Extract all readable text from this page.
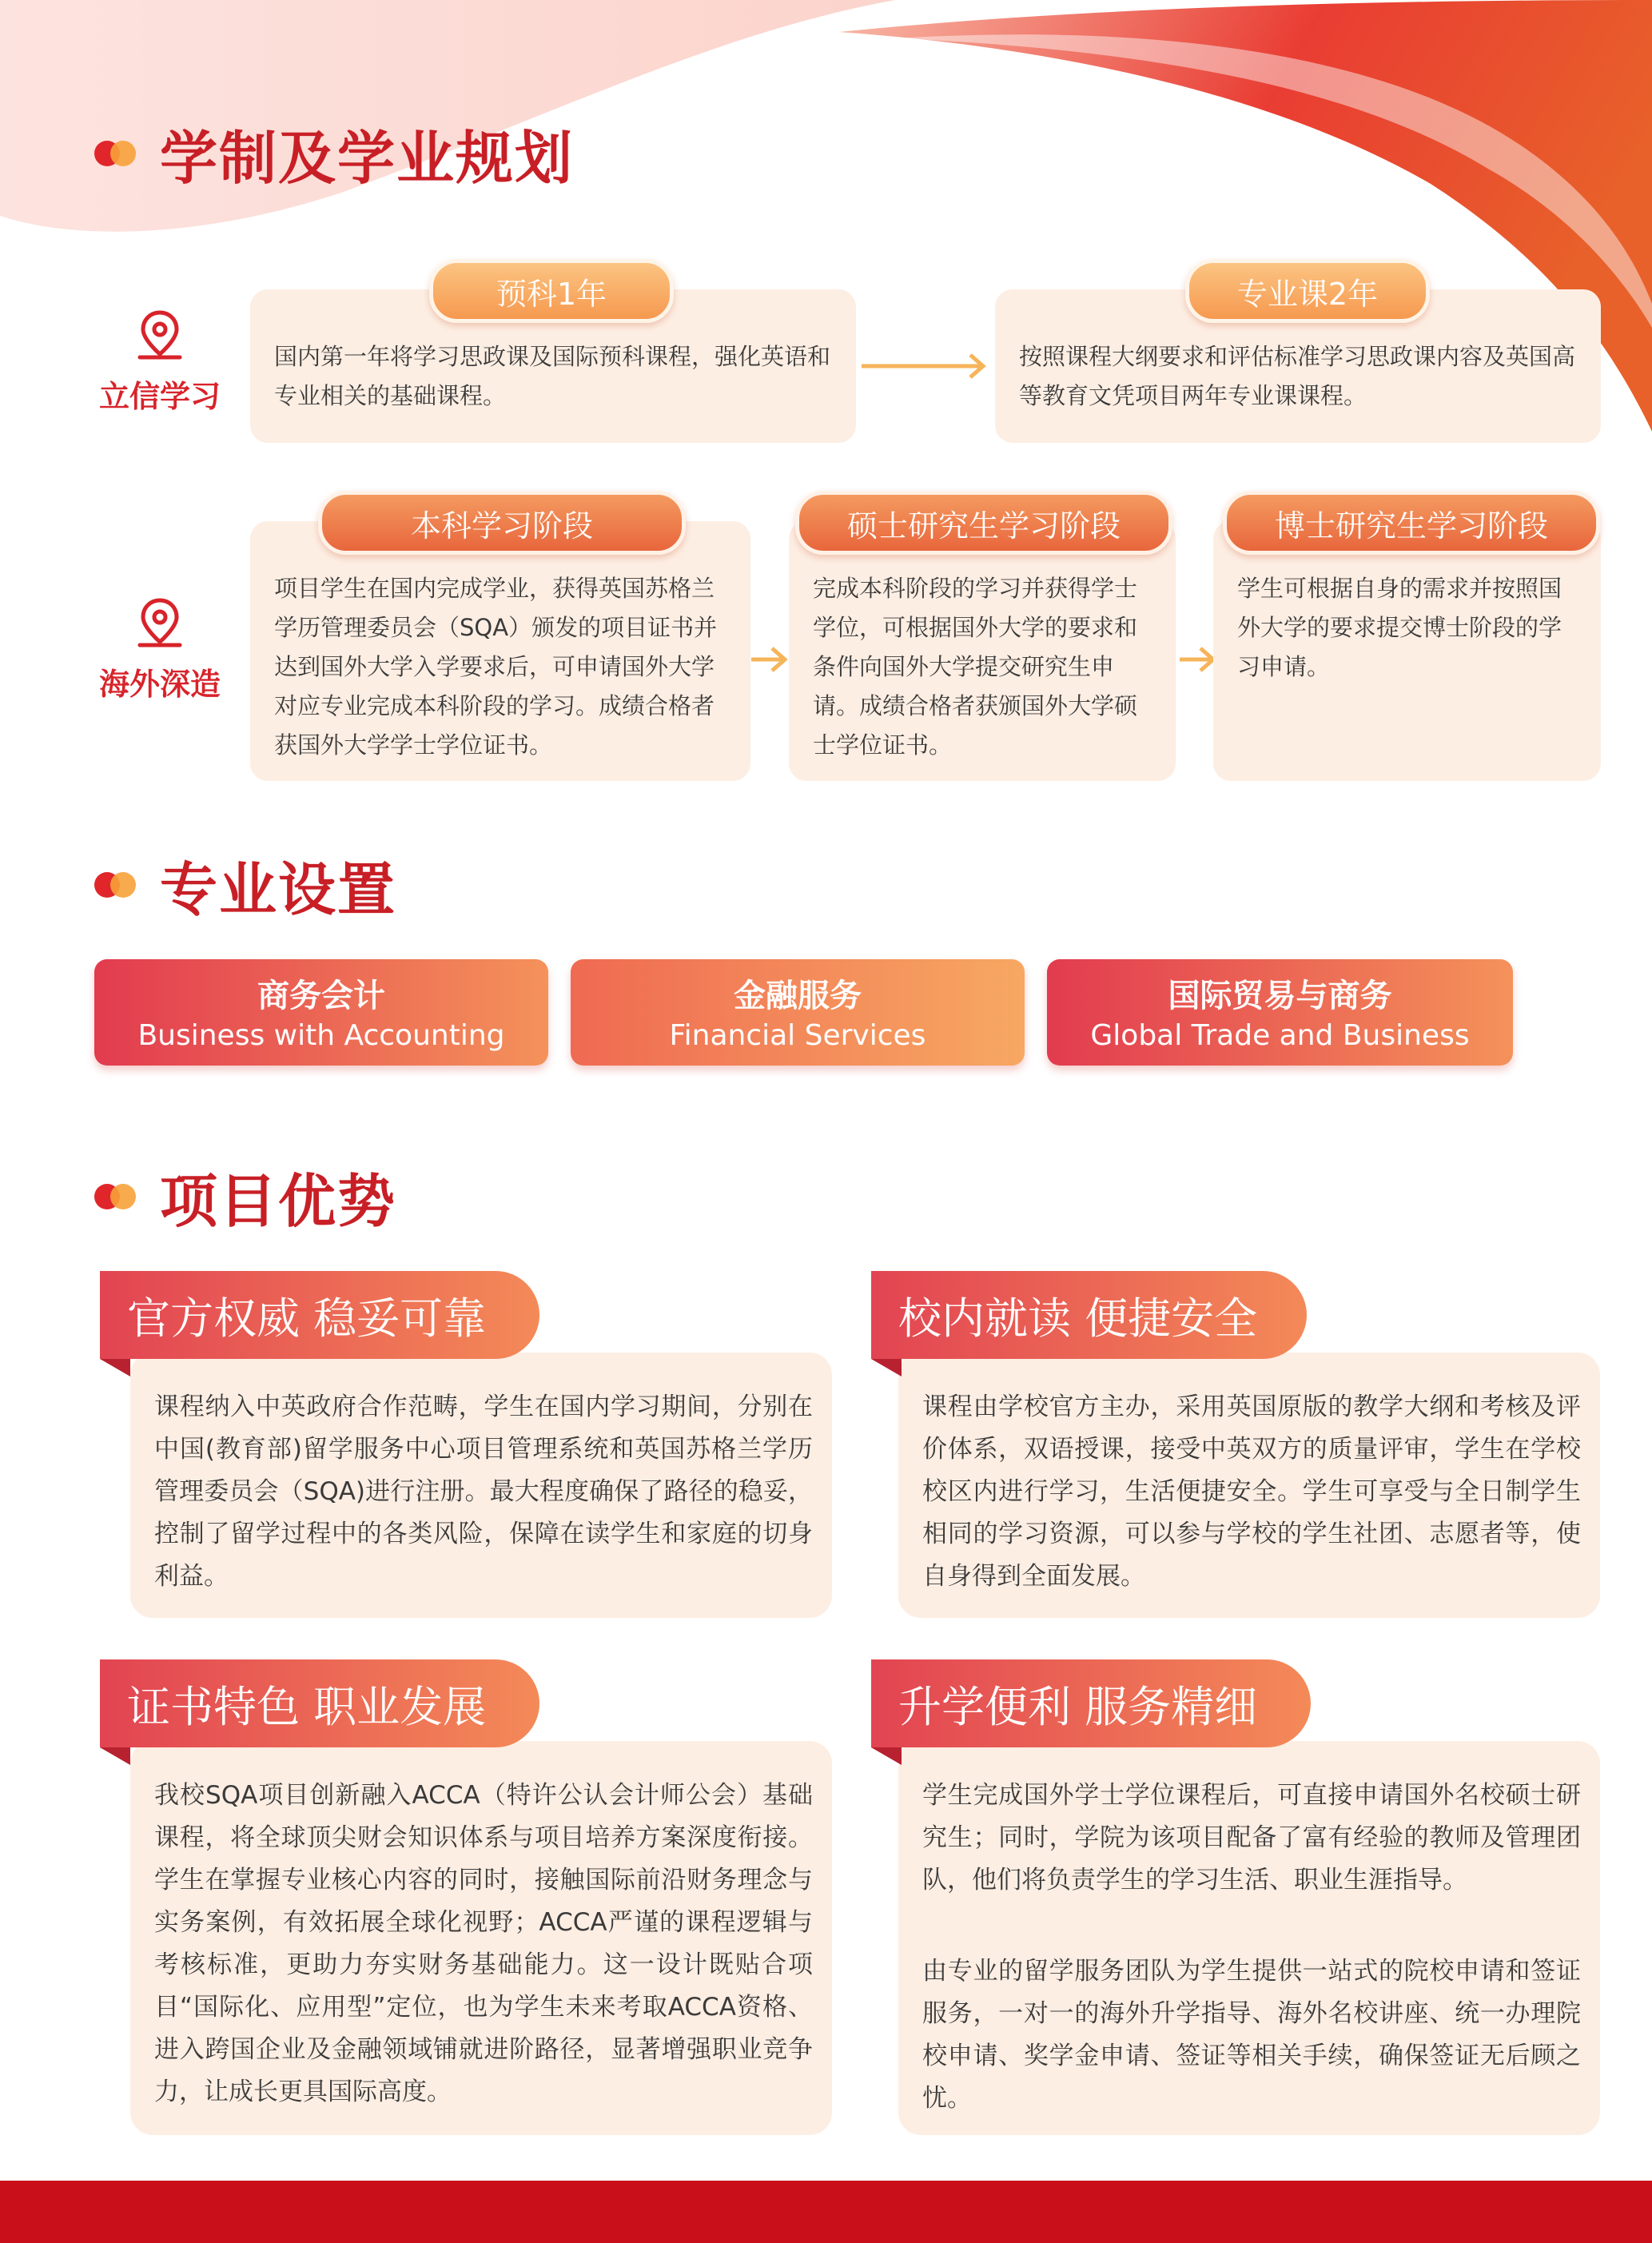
学制及学业规划
立信学习
国内第一年将学习思政课及国际预科课程，强化英语和专业相关的基础课程。
预科1年
按照课程大纲要求和评估标准学习思政课内容及英国高等教育文凭项目两年专业课课程。
专业课2年
海外深造
项目学生在国内完成学业，获得英国苏格兰学历管理委员会（SQA）颁发的项目证书并达到国外大学入学要求后，可申请国外大学对应专业完成本科阶段的学习。成绩合格者获国外大学学士学位证书。
本科学习阶段
完成本科阶段的学习并获得学士学位，可根据国外大学的要求和条件向国外大学提交研究生申请。成绩合格者获颁国外大学硕士学位证书。
硕士研究生学习阶段
学生可根据自身的需求并按照国外大学的要求提交博士阶段的学习申请。
博士研究生学习阶段
专业设置
商务会计
Business with Accounting
金融服务
Financial Services
国际贸易与商务
Global Trade and Business
项目优势
课程纳入中英政府合作范畴，学生在国内学习期间，分别在中国(教育部)留学服务中心项目管理系统和英国苏格兰学历管理委员会（SQA)进行注册。最大程度确保了路径的稳妥，控制了留学过程中的各类风险，保障在读学生和家庭的切身利益。
官方权威 稳妥可靠
课程由学校官方主办，采用英国原版的教学大纲和考核及评价体系，双语授课，接受中英双方的质量评审，学生在学校校区内进行学习，生活便捷安全。学生可享受与全日制学生相同的学习资源，可以参与学校的学生社团、志愿者等，使自身得到全面发展。
校内就读 便捷安全
我校SQA项目创新融入ACCA（特许公认会计师公会）基础课程，将全球顶尖财会知识体系与项目培养方案深度衔接。学生在掌握专业核心内容的同时，接触国际前沿财务理念与实务案例，有效拓展全球化视野；ACCA严谨的课程逻辑与考核标准，更助力夯实财务基础能力。这一设计既贴合项目“国际化、应用型”定位，也为学生未来考取ACCA资格、进入跨国企业及金融领域铺就进阶路径，显著增强职业竞争力，让成长更具国际高度。
证书特色 职业发展
学生完成国外学士学位课程后，可直接申请国外名校硕士研究生；同时，学院为该项目配备了富有经验的教师及管理团队，他们将负责学生的学习生活、职业生涯指导。
由专业的留学服务团队为学生提供一站式的院校申请和签证服务，一对一的海外升学指导、海外名校讲座、统一办理院校申请、奖学金申请、签证等相关手续，确保签证无后顾之忧。
升学便利 服务精细
